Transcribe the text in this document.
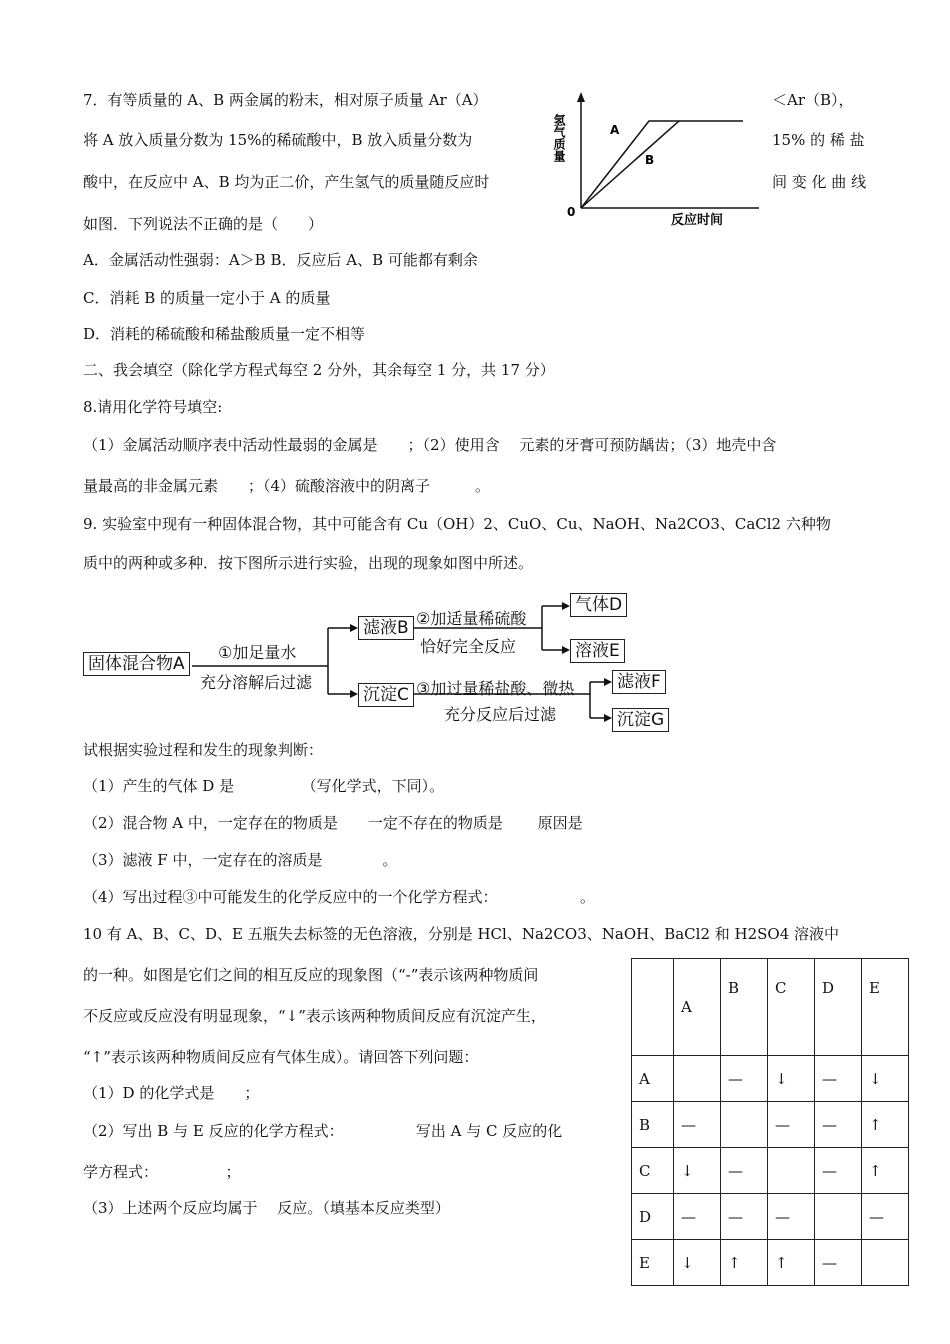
7．有等质量的 A、B 两金属的粉末，相对原子质量 Ar（A）	＜Ar（B），
将 A 放入质量分数为 15%的稀硫酸中，B 放入质量分数为	15% 的 稀 盐
酸中，在反应中 A、B 均为正二价，产生氢气的质量随反应时	间 变 化 曲 线
如图．下列说法不正确的是（　　）
A．金属活动性强弱：A＞B B．反应后 A、B 可能都有剩余
C．消耗 B 的质量一定小于 A 的质量
D．消耗的稀硫酸和稀盐酸质量一定不相等
氢气质量	A
B
0
反应时间
二、我会填空（除化学方程式每空 2 分外，其余每空 1 分，共 17 分）
8.请用化学符号填空:
（1）金属活动顺序表中活动性最弱的金属是　　；（2）使用含　 元素的牙膏可预防龋齿；（3）地壳中含
量最高的非金属元素　　；（4）硫酸溶液中的阴离子　　　。
9. 实验室中现有一种固体混合物，其中可能含有 Cu（OH）2、CuO、Cu、NaOH、Na2CO3、CaCl2 六种物
质中的两种或多种．按下图所示进行实验，出现的现象如图中所述。
固体混合物A
①加足量水
充分溶解后过滤
滤液B ②加适量稀硫酸
恰好完全反应
气体D
溶液E
沉淀C ③加过量稀盐酸、微热
充分反应后过滤
滤液F
沉淀G
试根据实验过程和发生的现象判断：
（1）产生的气体 D 是　　　　　（写化学式，下同）。
（2）混合物 A 中，一定存在的物质是　　一定不存在的物质是　　 原因是
（3）滤液 F 中，一定存在的溶质是　　　　。
（4）写出过程③中可能发生的化学反应中的一个化学方程式：　　　　　　。
10 有 A、B、C、D、E 五瓶失去标签的无色溶液，分别是 HCl、Na2CO3、NaOH、BaCl2 和 H2SO4 溶液中
的一种。如图是它们之间的相互反应的现象图（“-”表示该两种物质间
不反应或反应没有明显现象，“↓”表示该两种物质间反应有沉淀产生，
“↑”表示该两种物质间反应有气体生成）。请回答下列问题：
（1）D 的化学式是　　；
（2）写出 B 与 E 反应的化学方程式：　　　　　 写出 A 与 C 反应的化
学方程式：　　　　　；
（3）上述两个反应均属于　 反应。（填基本反应类型）
	A	B	C	D	E
A		—	↓	—	↓
B	—		—	—	↑
C	↓	—		—	↑
D	—	—	—		—
E	↓	↑	↑	—	
